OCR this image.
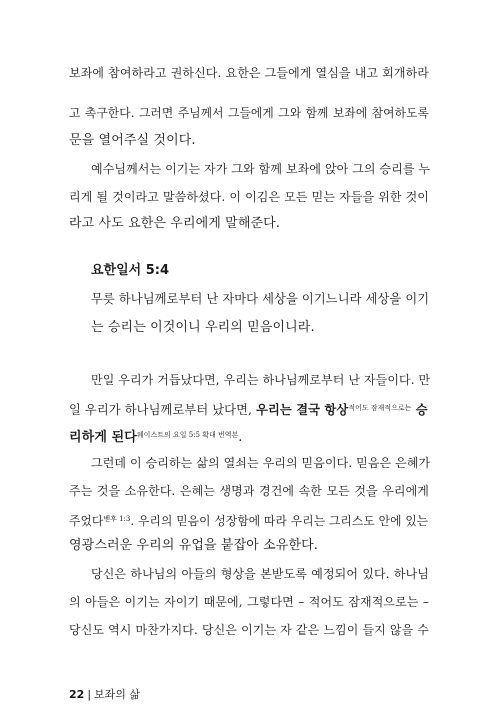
보좌에 참여하라고 권하신다. 요한은 그들에게 열심을 내고 회개하라
고 촉구한다. 그러면 주님께서 그들에게 그와 함께 보좌에 참여하도록
문을 열어주실 것이다.
예수님께서는 이기는 자가 그와 함께 보좌에 앉아 그의 승리를 누
리게 될 것이라고 말씀하셨다. 이 이김은 모든 믿는 자들을 위한 것이
라고 사도 요한은 우리에게 말해준다.
요한일서 5:4
무릇 하나님께로부터 난 자마다 세상을 이기느니라 세상을 이기
는 승리는 이것이니 우리의 믿음이니라.
만일 우리가 거듭났다면, 우리는 하나님께로부터 난 자들이다. 만
일 우리가 하나님께로부터 났다면, 우리는 결국 항상$^{적어도 잠재적으로는}$ 승
리하게 된다$^{웨이스트의 요일 5:5 확대 번역본}$.
그런데 이 승리하는 삶의 열쇠는 우리의 믿음이다. 믿음은 은혜가
주는 것을 소유한다. 은혜는 생명과 경건에 속한 모든 것을 우리에게
주었다$^{벧후 1:3}$. 우리의 믿음이 성장함에 따라 우리는 그리스도 안에 있는
영광스러운 우리의 유업을 붙잡아 소유한다.
당신은 하나님의 아들의 형상을 본받도록 예정되어 있다. 하나님
의 아들은 이기는 자이기 때문에, 그렇다면 – 적어도 잠재적으로는 –
당신도 역시 마찬가지다. 당신은 이기는 자 같은 느낌이 들지 않을 수
22 | 보좌의 삶
